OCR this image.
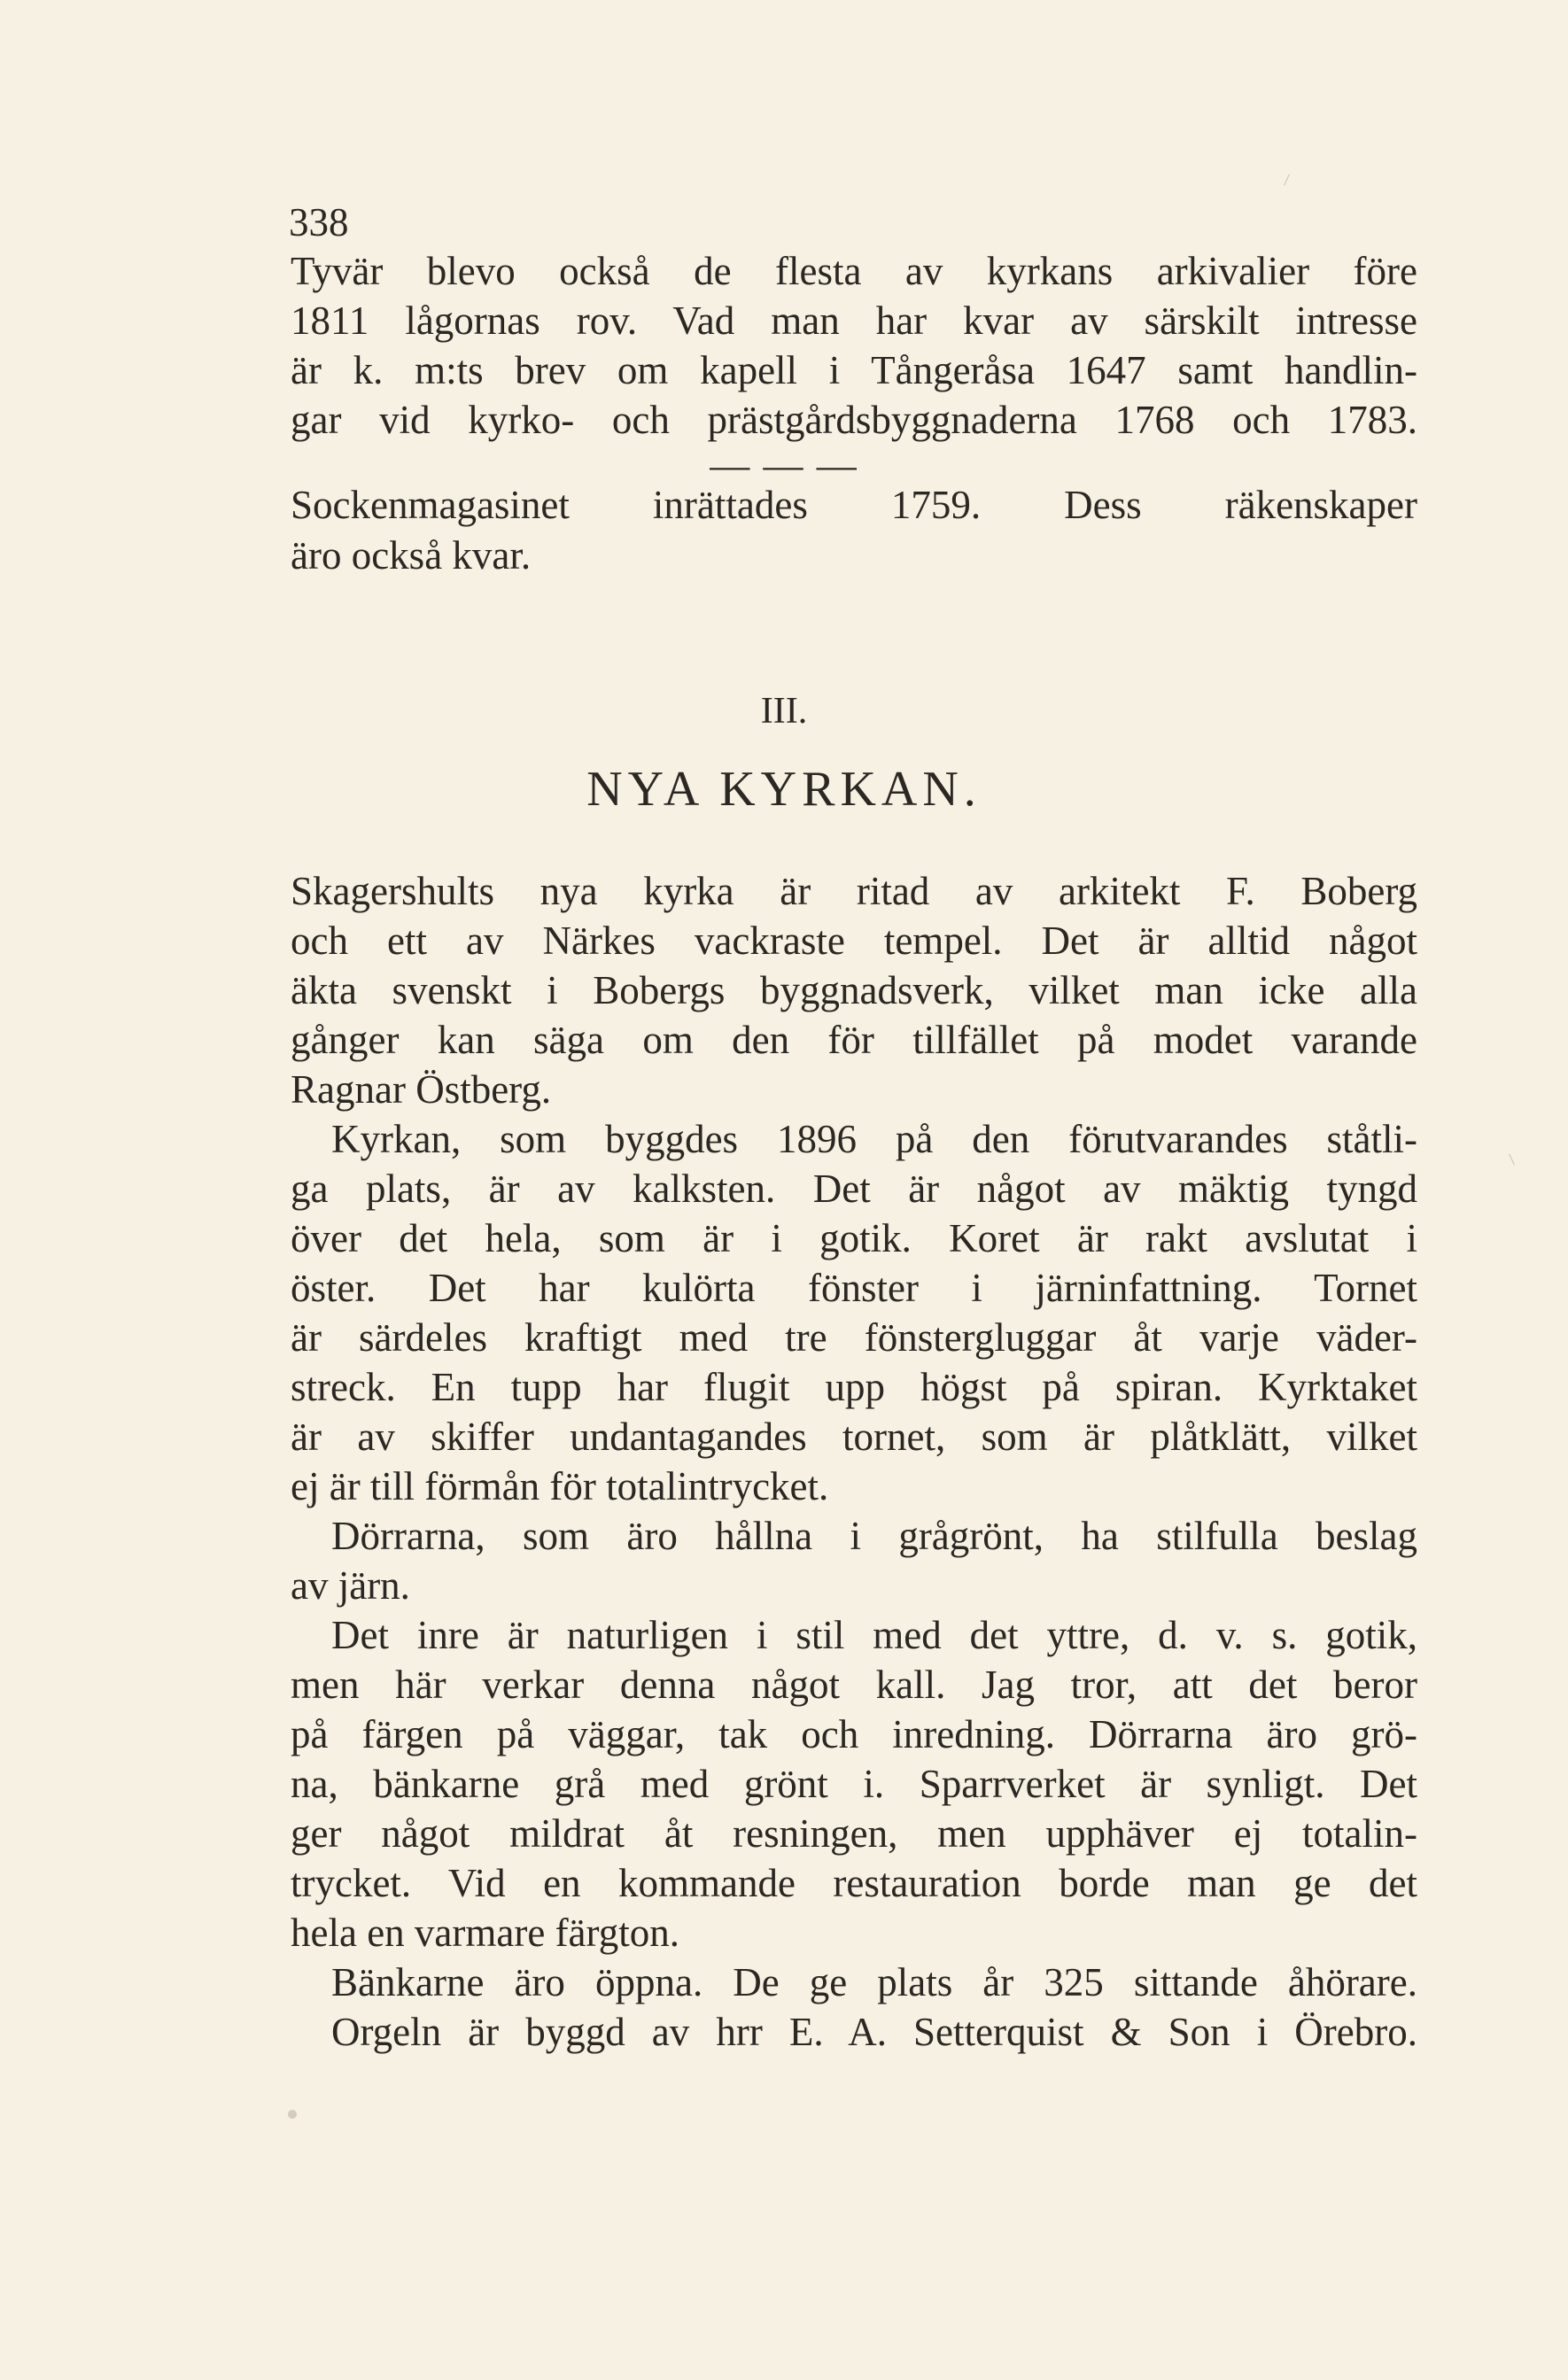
338
Tyvär blevo också de flesta av kyrkans arkivalier före
1811 lågornas rov. Vad man har kvar av särskilt intresse
är k. m:ts brev om kapell i Tångeråsa 1647 samt handlin-
gar vid kyrko- och prästgårdsbyggnaderna 1768 och 1783.
— — —
Sockenmagasinet inrättades 1759. Dess räkenskaper
äro också kvar.
III.
NYA KYRKAN.
Skagershults nya kyrka är ritad av arkitekt F. Boberg
och ett av Närkes vackraste tempel. Det är alltid något
äkta svenskt i Bobergs byggnadsverk, vilket man icke alla
gånger kan säga om den för tillfället på modet varande
Ragnar Östberg.
Kyrkan, som byggdes 1896 på den förutvarandes ståtli-
ga plats, är av kalksten. Det är något av mäktig tyngd
över det hela, som är i gotik. Koret är rakt avslutat i
öster. Det har kulörta fönster i järninfattning. Tornet
är särdeles kraftigt med tre fönstergluggar åt varje väder-
streck. En tupp har flugit upp högst på spiran. Kyrktaket
är av skiffer undantagandes tornet, som är plåtklätt, vilket
ej är till förmån för totalintrycket.
Dörrarna, som äro hållna i grågrönt, ha stilfulla beslag
av järn.
Det inre är naturligen i stil med det yttre, d. v. s. gotik,
men här verkar denna något kall. Jag tror, att det beror
på färgen på väggar, tak och inredning. Dörrarna äro grö-
na, bänkarne grå med grönt i. Sparrverket är synligt. Det
ger något mildrat åt resningen, men upphäver ej totalin-
trycket. Vid en kommande restauration borde man ge det
hela en varmare färgton.
Bänkarne äro öppna. De ge plats år 325 sittande åhörare.
Orgeln är byggd av hrr E. A. Setterquist & Son i Örebro.
